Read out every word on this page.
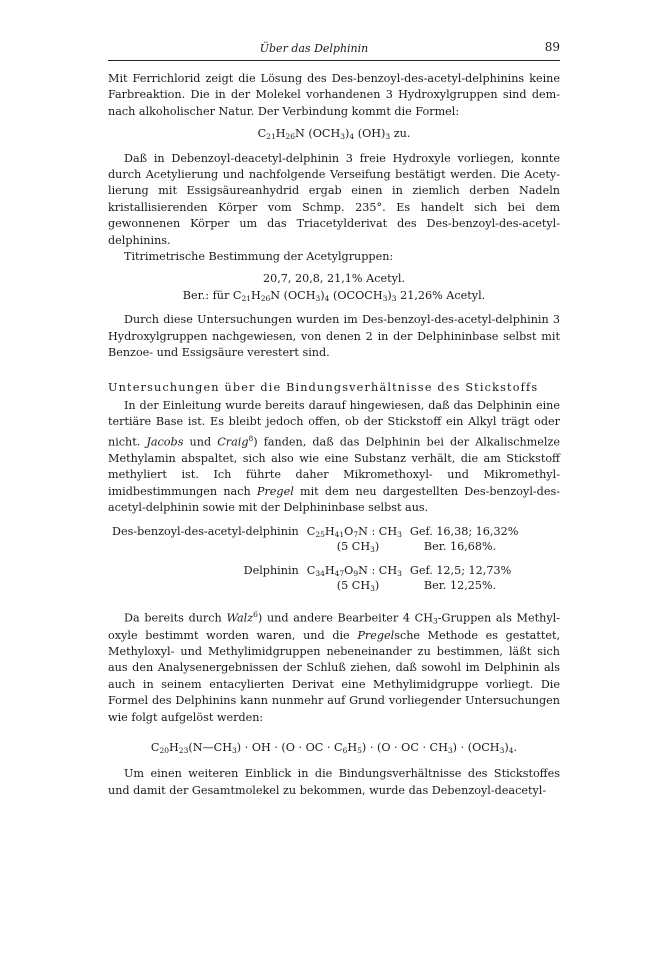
Über das Delphinin	89

Mit Ferrichlorid zeigt die Lösung des Des-benzoyl-des-acetyl-delphinins keine Farbreaktion. Die in der Molekel vorhandenen 3 Hydroxylgruppen sind demnach alkoholischer Natur. Der Verbindung kommt die Formel:

$C_{21}H_{26}N$ $(OCH_3)_4$ $(OH)_3$ zu.

Daß in Debenzoyl-deacetyl-delphinin 3 freie Hydroxyle vorliegen, konnte durch Acetylierung und nachfolgende Verseifung bestätigt werden. Die Acetylierung mit Essigsäureanhydrid ergab einen in ziemlich derben Nadeln kristallisierenden Körper vom Schmp. 235°. Es handelt sich bei dem gewonnenen Körper um das Triacetylderivat des Des-benzoyl-des-acetyl-delphinins.

Titrimetrische Bestimmung der Acetylgruppen:

20,7, 20,8, 21,1% Acetyl.
Ber.: für $C_{21}H_{26}N$ $(OCH_3)_4$ $(OCOCH_3)_3$ 21,26% Acetyl.

Durch diese Untersuchungen wurden im Des-benzoyl-des-acetyl-delphinin 3 Hydroxylgruppen nachgewiesen, von denen 2 in der Delphininbase selbst mit Benzoe- und Essigsäure verestert sind.

Untersuchungen über die Bindungsverhältnisse des Stickstoffs

In der Einleitung wurde bereits darauf hingewiesen, daß das Delphinin eine tertiäre Base ist. Es bleibt jedoch offen, ob der Stickstoff ein Alkyl trägt oder nicht. Jacobs und Craig$^8$) fanden, daß das Delphinin bei der Alkalischmelze Methylamin abspaltet, sich also wie eine Substanz verhält, die am Stickstoff methyliert ist. Ich führte daher Mikromethoxyl- und Mikromethylimidbestimmungen nach Pregel mit dem neu dargestellten Des-benzoyl-desacetyl-delphinin sowie mit der Delphininbase selbst aus.

Des-benzoyl-des-acetyl-delphinin	$C_{25}H_{41}O_7N$ : $CH_3$	Gef. 16,38; 16,32%
	(5 $CH_3$)	Ber. 16,68%.
Delphinin	$C_{34}H_{47}O_9N$ : $CH_3$	Gef. 12,5; 12,73%
	(5 $CH_3$)	Ber. 12,25%.

Da bereits durch Walz$^6$) und andere Bearbeiter 4 $CH_3$-Gruppen als Methyloxyle bestimmt worden waren, und die Pregelsche Methode es gestattet, Methyloxyl- und Methylimidgruppen nebeneinander zu bestimmen, läßt sich aus den Analysenergebnissen der Schluß ziehen, daß sowohl im Delphinin als auch in seinem entacylierten Derivat eine Methylimidgruppe vorliegt. Die Formel des Delphinins kann nunmehr auf Grund vorliegender Untersuchungen wie folgt aufgelöst werden:

$C_{20}H_{23}(N—CH_3)$ · OH · (O · OC · $C_6H_5) \cdot (O$ · OC · $CH_3) \cdot (OCH_3)_4$.

Um einen weiteren Einblick in die Bindungsverhältnisse des Stickstoffes und damit der Gesamtmolekel zu bekommen, wurde das Debenzoyl-deacetyl-
